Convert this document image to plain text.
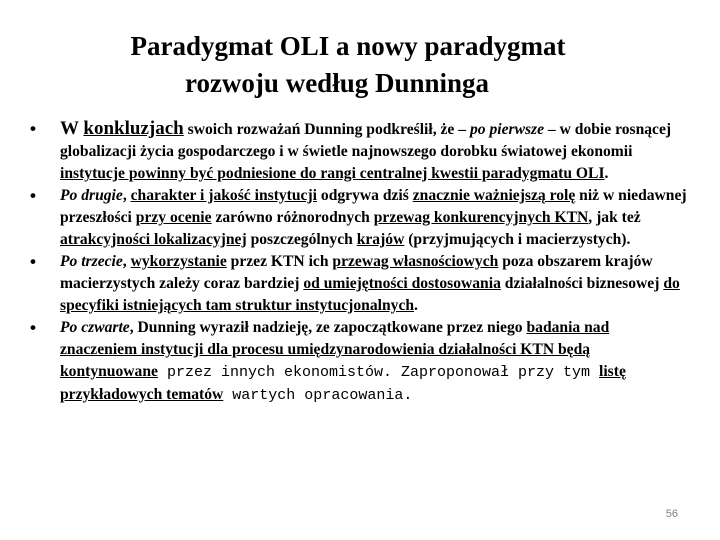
Paradygmat OLI a nowy paradygmat
rozwoju według Dunninga
• W konkluzjach swoich rozważań Dunning podkreślił, że – po pierwsze – w dobie rosnącej globalizacji życia gospodarczego i w świetle najnowszego dorobku światowej ekonomii instytucje powinny być podniesione do rangi centralnej kwestii paradygmatu OLI.
• Po drugie, charakter i jakość instytucji odgrywa dziś znacznie ważniejszą rolę niż w niedawnej przeszłości przy ocenie zarówno różnorodnych przewag konkurencyjnych KTN, jak też atrakcyjności lokalizacyjnej poszczególnych krajów (przyjmujących i macierzystych).
• Po trzecie, wykorzystanie przez KTN ich przewag własnościowych poza obszarem krajów macierzystych zależy coraz bardziej od umiejętności dostosowania działalności biznesowej do specyfiki istniejących tam struktur instytucjonalnych.
• Po czwarte, Dunning wyraził nadzieję, ze zapoczątkowane przez niego badania nad znaczeniem instytucji dla procesu umiędzynarodowienia działalności KTN będą kontynuowane przez innych ekonomistów. Zaproponował przy tym listę przykładowych tematów wartych opracowania.
56
